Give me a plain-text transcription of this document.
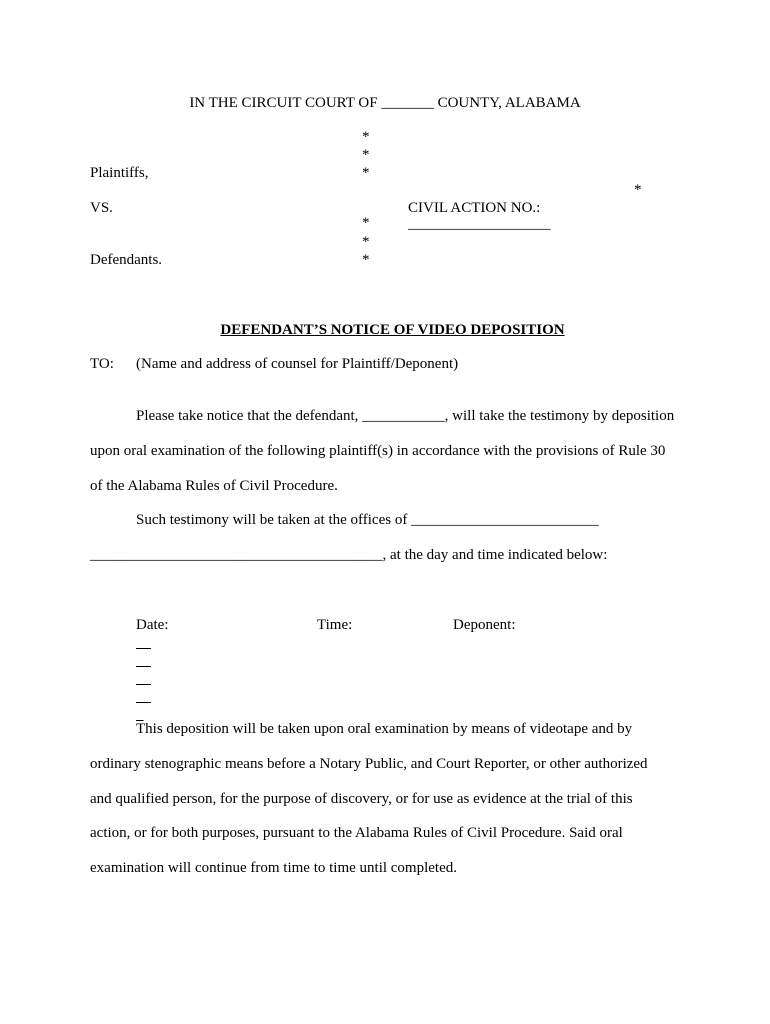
IN THE CIRCUIT COURT OF _______ COUNTY, ALABAMA
*
*
*
*
*
*
*
Plaintiffs,
VS.
Defendants.
CIVIL ACTION NO.:
___________________

DEFENDANT’S NOTICE OF VIDEO DEPOSITION

TO: (Name and address of counsel for Plaintiff/Deponent)
Please take notice that the defendant, ___________, will take the testimony by deposition
upon oral examination of the following plaintiff(s) in accordance with the provisions of Rule 30
of the Alabama Rules of Civil Procedure.
Such testimony will be taken at the offices of _________________________
_______________________________________, at the day and time indicated below:

Date:

	Time:

	Deponent:

This deposition will be taken upon oral examination by means of videotape and by
ordinary stenographic means before a Notary Public, and Court Reporter, or other authorized
and qualified person, for the purpose of discovery, or for use as evidence at the trial of this
action, or for both purposes, pursuant to the Alabama Rules of Civil Procedure. Said oral
examination will continue from time to time until completed.
